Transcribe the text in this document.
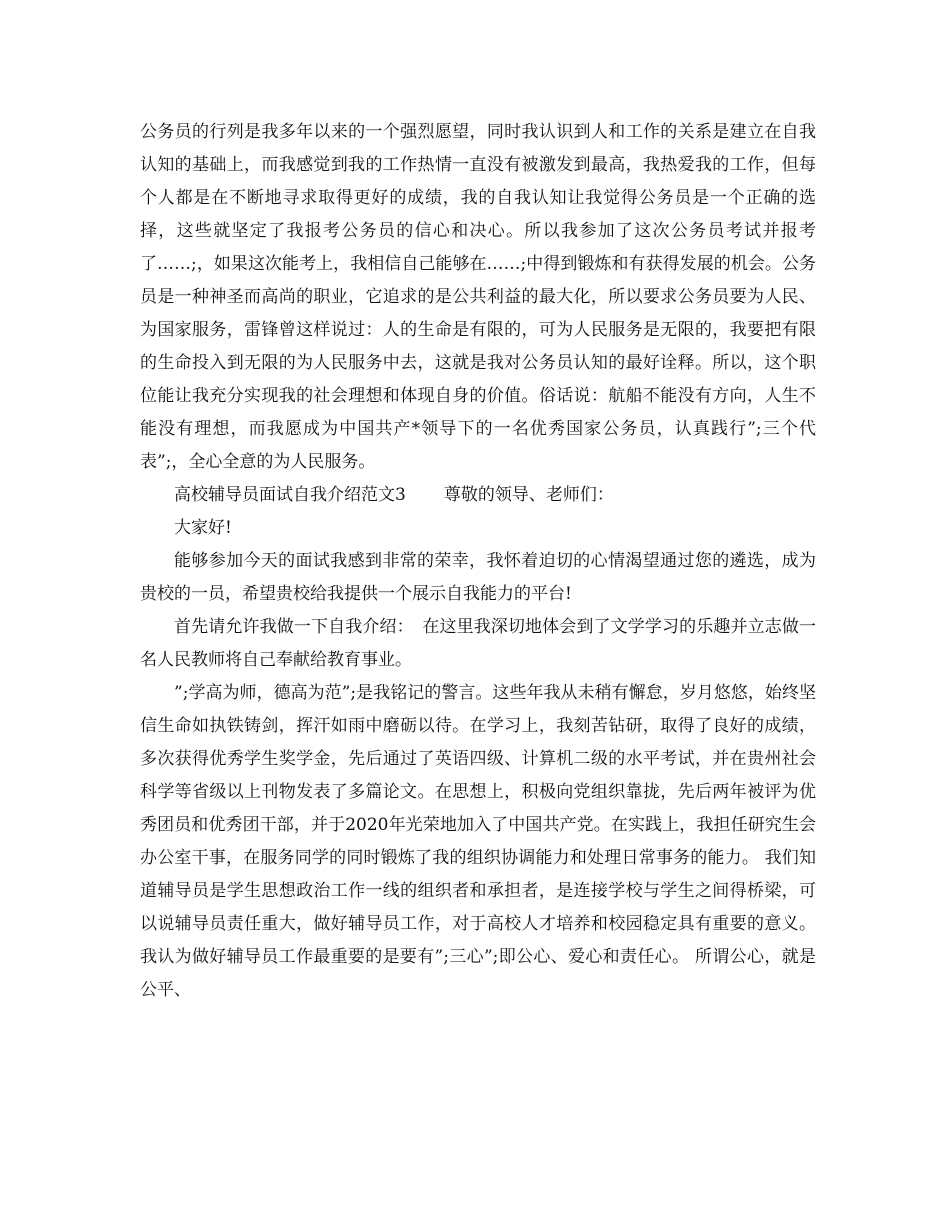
公务员的行列是我多年以来的一个强烈愿望，同时我认识到人和工作的关系是建立在自我认知的基础上，而我感觉到我的工作热情一直没有被激发到最高，我热爱我的工作，但每个人都是在不断地寻求取得更好的成绩，我的自我认知让我觉得公务员是一个正确的选择，这些就坚定了我报考公务员的信心和决心。所以我参加了这次公务员考试并报考了……;，如果这次能考上，我相信自己能够在……;中得到锻炼和有获得发展的机会。公务员是一种神圣而高尚的职业，它追求的是公共利益的最大化，所以要求公务员要为人民、为国家服务，雷锋曾这样说过：人的生命是有限的，可为人民服务是无限的，我要把有限的生命投入到无限的为人民服务中去，这就是我对公务员认知的最好诠释。所以，这个职位能让我充分实现我的社会理想和体现自身的价值。俗话说：航船不能没有方向，人生不能没有理想，而我愿成为中国共产*领导下的一名优秀国家公务员，认真践行”;三个代表”;，全心全意的为人民服务。

高校辅导员面试自我介绍范文3 尊敬的领导、老师们：

大家好!

能够参加今天的面试我感到非常的荣幸，我怀着迫切的心情渴望通过您的遴选，成为贵校的一员，希望贵校给我提供一个展示自我能力的平台!

首先请允许我做一下自我介绍：　在这里我深切地体会到了文学学习的乐趣并立志做一名人民教师将自己奉献给教育事业。

”;学高为师，德高为范”;是我铭记的警言。这些年我从未稍有懈怠，岁月悠悠，始终坚信生命如执铁铸剑，挥汗如雨中磨砺以待。在学习上，我刻苦钻研，取得了良好的成绩，多次获得优秀学生奖学金，先后通过了英语四级、计算机二级的水平考试，并在贵州社会科学等省级以上刊物发表了多篇论文。在思想上，积极向党组织靠拢，先后两年被评为优秀团员和优秀团干部，并于2020年光荣地加入了中国共产党。在实践上，我担任研究生会办公室干事，在服务同学的同时锻炼了我的组织协调能力和处理日常事务的能力。 我们知道辅导员是学生思想政治工作一线的组织者和承担者，是连接学校与学生之间得桥梁，可以说辅导员责任重大，做好辅导员工作，对于高校人才培养和校园稳定具有重要的意义。我认为做好辅导员工作最重要的是要有”;三心”;即公心、爱心和责任心。 所谓公心，就是公平、
